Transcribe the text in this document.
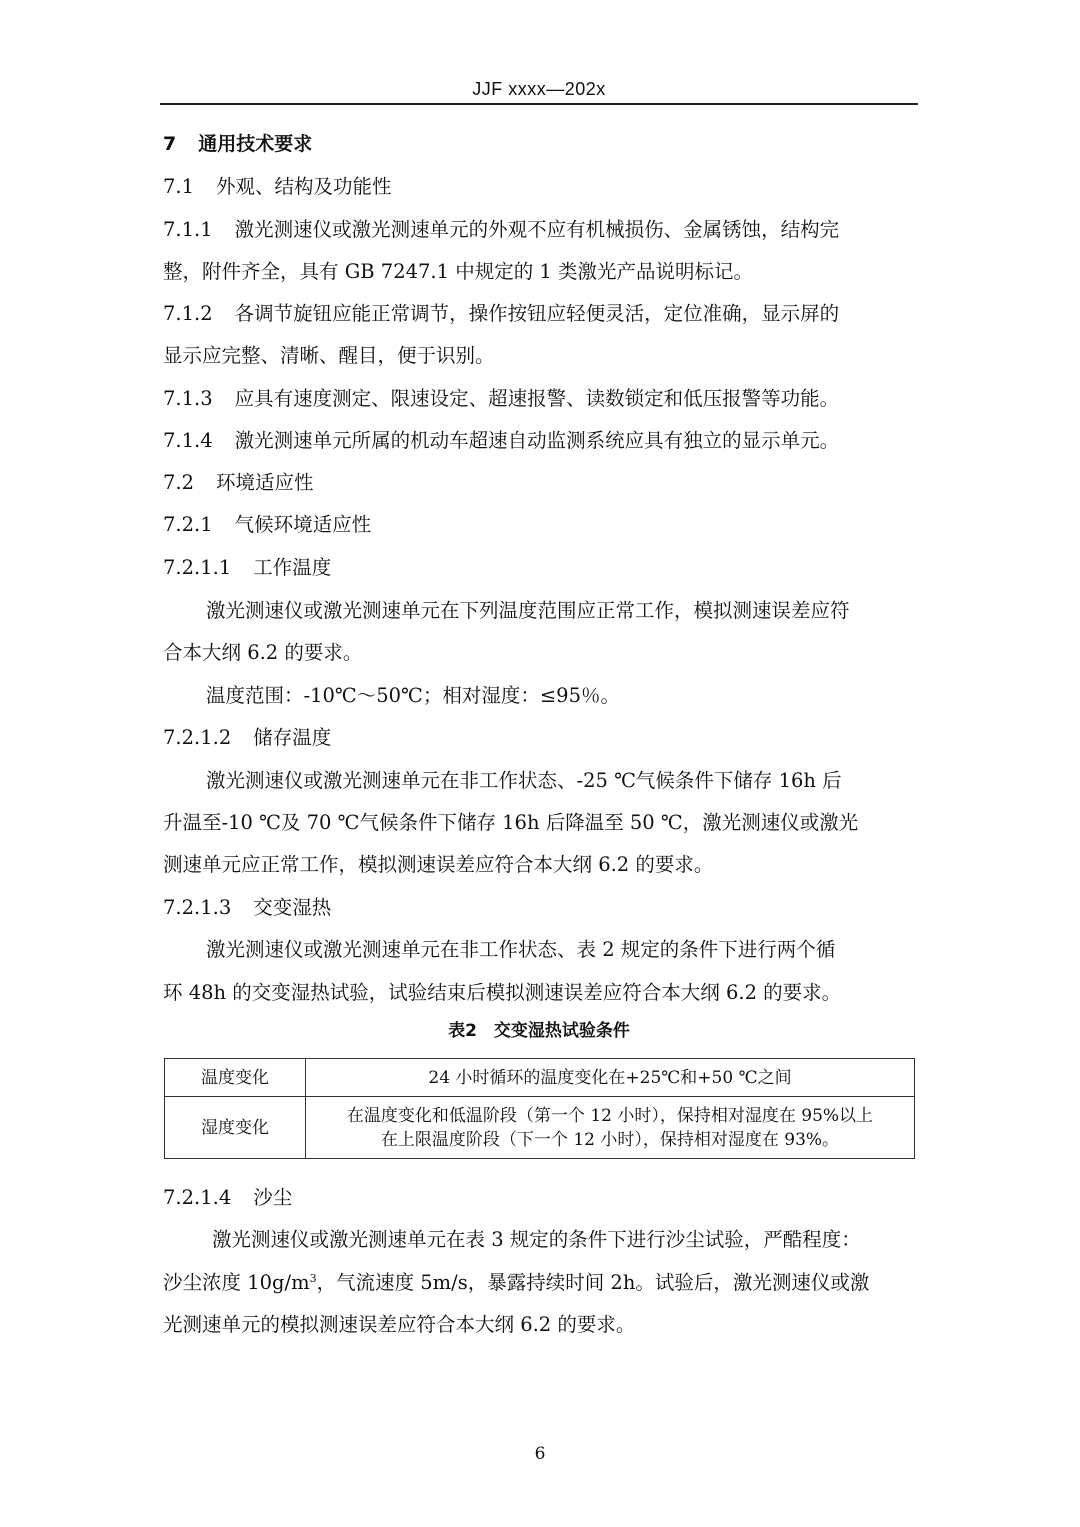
JJF xxxx—202x
7 通用技术要求
7.1 外观、结构及功能性
7.1.1 激光测速仪或激光测速单元的外观不应有机械损伤、金属锈蚀，结构完
整，附件齐全，具有 GB 7247.1 中规定的 1 类激光产品说明标记。
7.1.2 各调节旋钮应能正常调节，操作按钮应轻便灵活，定位准确，显示屏的
显示应完整、清晰、醒目，便于识别。
7.1.3 应具有速度测定、限速设定、超速报警、读数锁定和低压报警等功能。
7.1.4 激光测速单元所属的机动车超速自动监测系统应具有独立的显示单元。
7.2 环境适应性
7.2.1 气候环境适应性
7.2.1.1 工作温度
激光测速仪或激光测速单元在下列温度范围应正常工作，模拟测速误差应符
合本大纲 6.2 的要求。
温度范围：-10℃～50℃；相对湿度：≤95％。
7.2.1.2 储存温度
激光测速仪或激光测速单元在非工作状态、-25 ℃气候条件下储存 16h 后
升温至-10 ℃及 70 ℃气候条件下储存 16h 后降温至 50 ℃，激光测速仪或激光
测速单元应正常工作，模拟测速误差应符合本大纲 6.2 的要求。
7.2.1.3 交变湿热
激光测速仪或激光测速单元在非工作状态、表 2 规定的条件下进行两个循
环 48h 的交变湿热试验，试验结束后模拟测速误差应符合本大纲 6.2 的要求。
表2　交变湿热试验条件
温度变化	24 小时循环的温度变化在+25℃和+50 ℃之间

湿度变化	在温度变化和低温阶段（第一个 12 小时），保持相对湿度在 95%以上
在上限温度阶段（下一个 12 小时），保持相对湿度在 93%。
7.2.1.4 沙尘
激光测速仪或激光测速单元在表 3 规定的条件下进行沙尘试验，严酷程度：
沙尘浓度 $10g/m^3$，气流速度 5m/s，暴露持续时间 2h。试验后，激光测速仪或激
光测速单元的模拟测速误差应符合本大纲 6.2 的要求。
6
